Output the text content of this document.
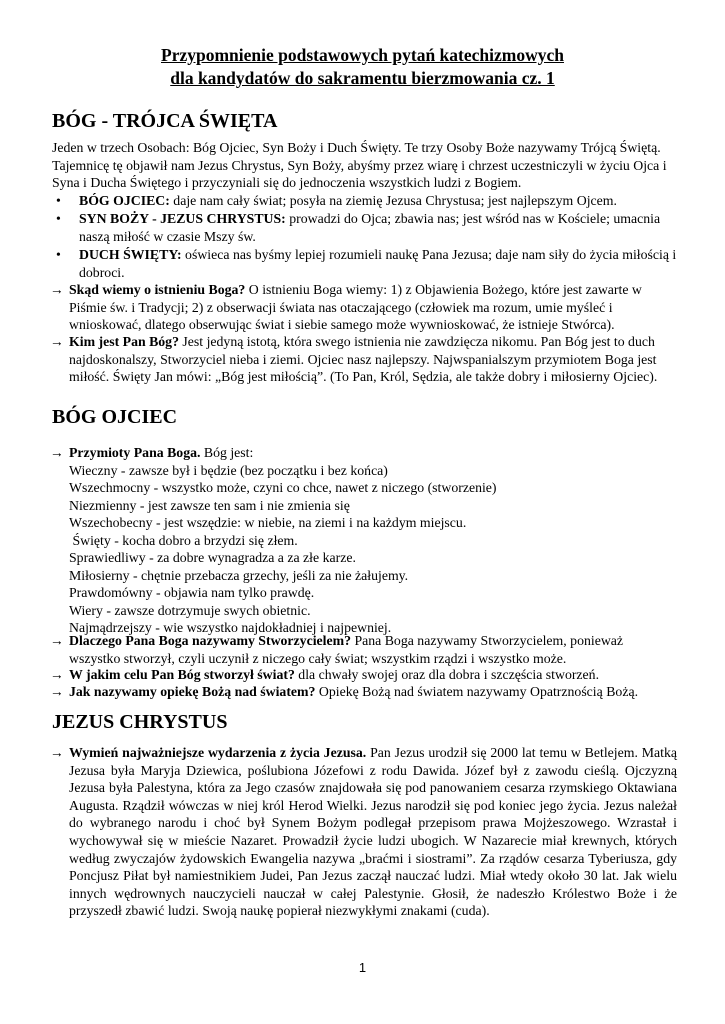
Przypomnienie podstawowych pytań katechizmowych
dla kandydatów do sakramentu bierzmowania cz. 1
BÓG - TRÓJCA ŚWIĘTA
Jeden w trzech Osobach: Bóg Ojciec, Syn Boży i Duch Święty. Te trzy Osoby Boże nazywamy Trójcą Świętą. Tajemnicę tę objawił nam Jezus Chrystus, Syn Boży, abyśmy przez wiarę i chrzest uczestniczyli w życiu Ojca i Syna i Ducha Świętego i przyczyniali się do jednoczenia wszystkich ludzi z Bogiem.
• BÓG OJCIEC: daje nam cały świat; posyła na ziemię Jezusa Chrystusa; jest najlepszym Ojcem.
• SYN BOŻY - JEZUS CHRYSTUS: prowadzi do Ojca; zbawia nas; jest wśród nas w Kościele; umacnia naszą miłość w czasie Mszy św.
• DUCH ŚWIĘTY: oświeca nas byśmy lepiej rozumieli naukę Pana Jezusa; daje nam siły do życia miłością i dobroci.
→ Skąd wiemy o istnieniu Boga? O istnieniu Boga wiemy: 1) z Objawienia Bożego, które jest zawarte w Piśmie św. i Tradycji; 2) z obserwacji świata nas otaczającego (człowiek ma rozum, umie myśleć i wnioskować, dlatego obserwując świat i siebie samego może wywnioskować, że istnieje Stwórca).
→ Kim jest Pan Bóg? Jest jedyną istotą, która swego istnienia nie zawdzięcza nikomu. Pan Bóg jest to duch najdoskonalszy, Stworzyciel nieba i ziemi. Ojciec nasz najlepszy. Najwspanialszym przymiotem Boga jest miłość. Święty Jan mówi: „Bóg jest miłością”. (To Pan, Król, Sędzia, ale także dobry i miłosierny Ojciec).
BÓG OJCIEC
→ Przymioty Pana Boga. Bóg jest:
Wieczny - zawsze był i będzie (bez początku i bez końca)
Wszechmocny - wszystko może, czyni co chce, nawet z niczego (stworzenie)
Niezmienny - jest zawsze ten sam i nie zmienia się
Wszechobecny - jest wszędzie: w niebie, na ziemi i na każdym miejscu.
Święty - kocha dobro a brzydzi się złem.
Sprawiedliwy - za dobre wynagradza a za złe karze.
Miłosierny - chętnie przebacza grzechy, jeśli za nie żałujemy.
Prawdomówny - objawia nam tylko prawdę.
Wiery - zawsze dotrzymuje swych obietnic.
Najmądrzejszy - wie wszystko najdokładniej i najpewniej.
→ Dlaczego Pana Boga nazywamy Stworzycielem? Pana Boga nazywamy Stworzycielem, ponieważ wszystko stworzył, czyli uczynił z niczego cały świat; wszystkim rządzi i wszystko może.
→ W jakim celu Pan Bóg stworzył świat? dla chwały swojej oraz dla dobra i szczęścia stworzeń.
→ Jak nazywamy opiekę Bożą nad światem? Opiekę Bożą nad światem nazywamy Opatrznością Bożą.
JEZUS CHRYSTUS
→ Wymień najważniejsze wydarzenia z życia Jezusa. Pan Jezus urodził się 2000 lat temu w Betlejem. Matką Jezusa była Maryja Dziewica, poślubiona Józefowi z rodu Dawida. Józef był z zawodu cieślą. Ojczyzną Jezusa była Palestyna, która za Jego czasów znajdowała się pod panowaniem cesarza rzymskiego Oktawiana Augusta. Rządził wówczas w niej król Herod Wielki. Jezus narodził się pod koniec jego życia. Jezus należał do wybranego narodu i choć był Synem Bożym podlegał przepisom prawa Mojżeszowego. Wzrastał i wychowywał się w mieście Nazaret. Prowadził życie ludzi ubogich. W Nazarecie miał krewnych, których według zwyczajów żydowskich Ewangelia nazywa „braćmi i siostrami”. Za rządów cesarza Tyberiusza, gdy Poncjusz Piłat był namiestnikiem Judei, Pan Jezus zaczął nauczać ludzi. Miał wtedy około 30 lat. Jak wielu innych wędrownych nauczycieli nauczał w całej Palestynie. Głosił, że nadeszło Królestwo Boże i że przyszedł zbawić ludzi. Swoją naukę popierał niezwykłymi znakami (cuda).
1
